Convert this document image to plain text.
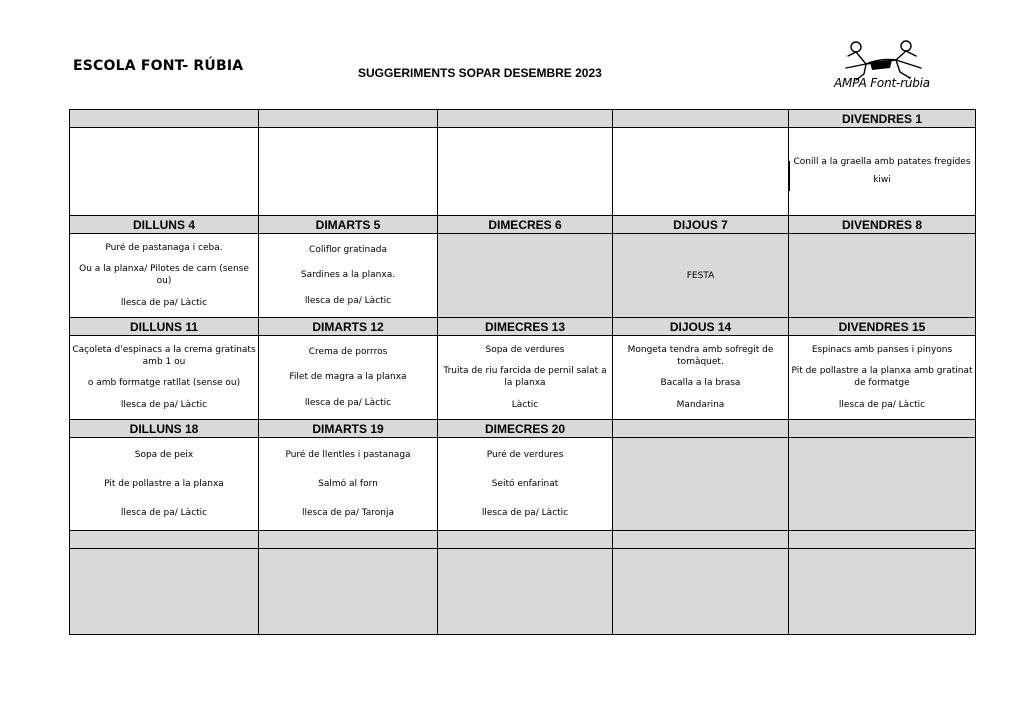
ESCOLA FONT- RÚBIA	SUGGERIMENTS SOPAR DESEMBRE 2023
AMPA Font-rúbia
				DIVENDRES 1

				Conill a la graella amb patates fregides
kiwi

DILLUNS 4	DIMARTS 5	DIMECRES 6	DIJOUS 7	DIVENDRES 8

Puré de pastanaga i ceba.
Ou a la planxa/ Pilotes de carn (sense ou)
llesca de pa/ Làctic	Coliflor gratinada
Sardines a la planxa.
llesca de pa/ Làctic		FESTA	
DILLUNS 11	DIMARTS 12	DIMECRES 13	DIJOUS 14	DIVENDRES 15

Caçoleta d'espinacs a la crema gratinats amb 1 ou
o amb formatge ratllat (sense ou)
llesca de pa/ Làctic	Crema de porrros
Filet de magra a la planxa
llesca de pa/ Làctic	Sopa de verdures
Truita de riu farcida de pernil salat a la planxa
Làctic	Mongeta tendra amb sofregit de tomàquet.
Bacalla a la brasa
Mandarina	Espinacs amb panses i pinyons
Pit de pollastre a la planxa amb gratinat de formatge
llesca de pa/ Làctic

DILLUNS 18	DIMARTS 19	DIMECRES 20		

Sopa de peix
Pit de pollastre a la planxa
llesca de pa/ Làctic	Puré de llentles i pastanaga
Salmó al forn
llesca de pa/ Taronja	Puré de verdures
Seitó enfarinat
llesca de pa/ Làctic		
